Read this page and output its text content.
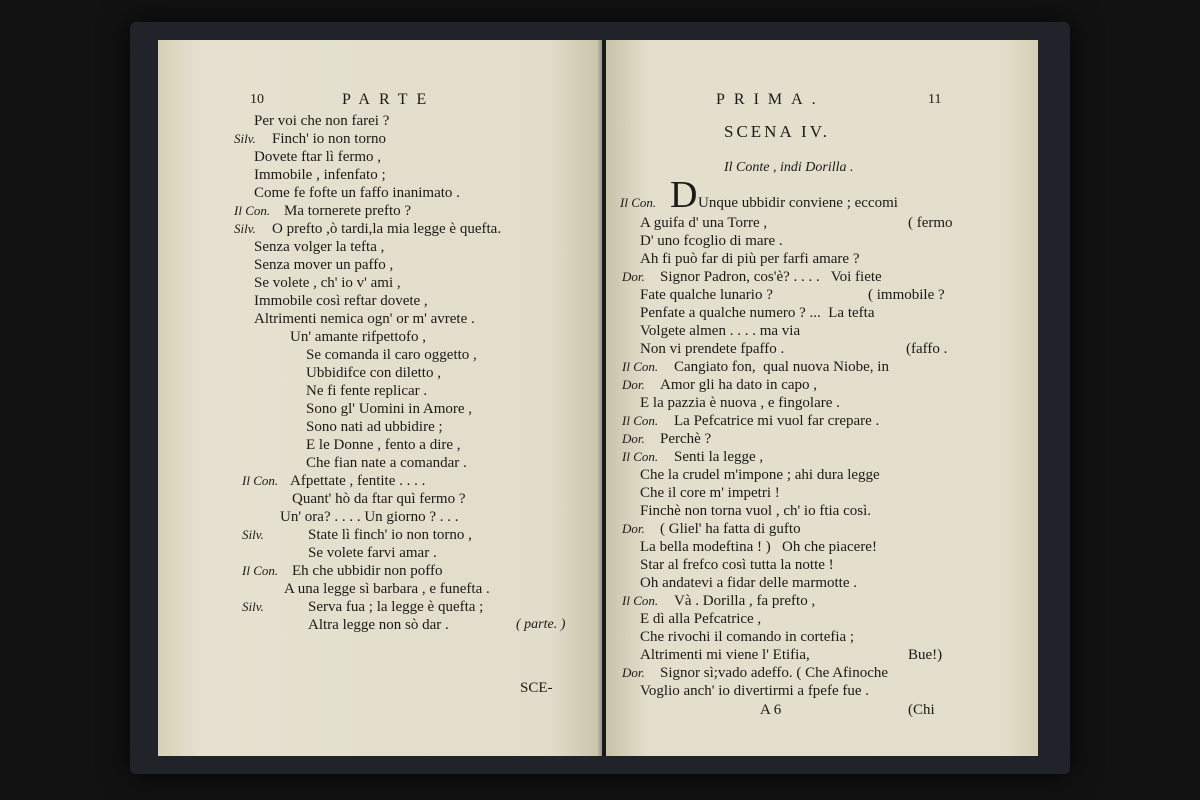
10	PARTE
Per voi che non farei ?
Silv. Finch' io non torno
Dovete ftar lì fermo ,
Immobile , infenfato ;
Come fe fofte un faffo inanimato .
Il Con. Ma tornerete prefto ?
Silv. O prefto ,ò tardi,la mia legge è quefta.
Senza volger la tefta ,
Senza mover un paffo ,
Se volete , ch' io v' ami ,
Immobile così reftar dovete ,
Altrimenti nemica ogn' or m' avrete .
Un' amante rifpettofo ,
Se comanda il caro oggetto ,
Ubbidifce con diletto ,
Ne fi fente replicar .
Sono gl' Uomini in Amore ,
Sono nati ad ubbidire ;
E le Donne , fento a dire ,
Che fian nate a comandar .
Il Con. Afpettate , fentite . . . .
Quant' hò da ftar quì fermo ?
Un' ora? . . . . Un giorno ? . . .
Silv.	State lì finch' io non torno ,
Se volete farvi amar .
Il Con. Eh che ubbidir non poffo
A una legge sì barbara , e funefta .
Silv.	Serva fua ; la legge è quefta ;
Altra legge non sò dar .	( parte. )
SCE-
PRIMA.	11
SCENA IV.
Il Conte , indi Dorilla .
Il Con. D Unque ubbidir conviene ; eccomi
A guifa d' una Torre ,	( fermo
D' uno fcoglio di mare .
Ah fi può far di più per farfi amare ?
Dor. Signor Padron, cos'è? . . . .   Voi fiete
Fate qualche lunario ?	( immobile ?
Penfate a qualche numero ? ...  La tefta
Volgete almen . . . . ma via
Non vi prendete fpaffo .	(faffo .
Il Con. Cangiato fon,  qual nuova Niobe, in
Dor. Amor gli ha dato in capo ,
E la pazzia è nuova , e fingolare .
Il Con. La Pefcatrice mi vuol far crepare .
Dor. Perchè ?
Il Con. Senti la legge ,
Che la crudel m'impone ; ahi dura legge
Che il core m' impetri !
Finchè non torna vuol , ch' io ftia così.
Dor. ( Gliel' ha fatta di gufto
La bella modeftina ! )   Oh che piacere!
Star al frefco così tutta la notte !
Oh andatevi a fidar delle marmotte .
Il Con. Và . Dorilla , fa prefto ,
E dì alla Pefcatrice ,
Che rivochi il comando in cortefia ;
Altrimenti mi viene l' Etifia,	Bue!)
Dor. Signor sì;vado adeffo. ( Che Afinoche
Voglio anch' io divertirmi a fpefe fue .
A 6	(Chi
